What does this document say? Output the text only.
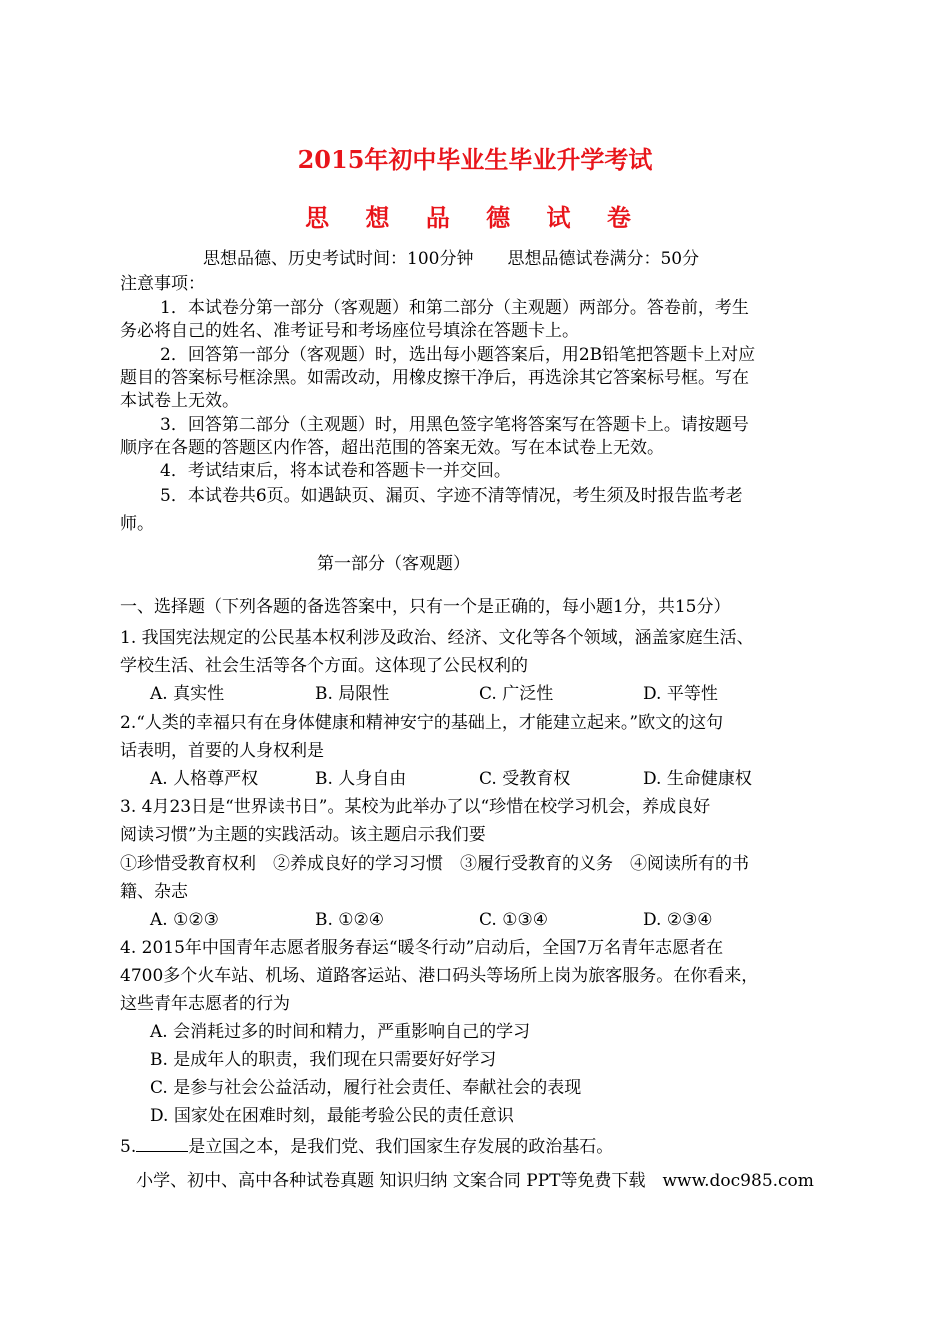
2015年初中毕业生毕业升学考试
思 想 品 德 试 卷
思想品德、历史考试时间：100分钟　　思想品德试卷满分：50分
注意事项：
1．本试卷分第一部分（客观题）和第二部分（主观题）两部分。答卷前，考生
务必将自己的姓名、准考证号和考场座位号填涂在答题卡上。
2．回答第一部分（客观题）时，选出每小题答案后，用2B铅笔把答题卡上对应
题目的答案标号框涂黑。如需改动，用橡皮擦干净后，再选涂其它答案标号框。写在
本试卷上无效。
3．回答第二部分（主观题）时，用黑色签字笔将答案写在答题卡上。请按题号
顺序在各题的答题区内作答，超出范围的答案无效。写在本试卷上无效。
4．考试结束后，将本试卷和答题卡一并交回。
5．本试卷共6页。如遇缺页、漏页、字迹不清等情况，考生须及时报告监考老
师。
第一部分（客观题）
一、选择题（下列各题的备选答案中，只有一个是正确的，每小题1分，共15分）
1. 我国宪法规定的公民基本权利涉及政治、经济、文化等各个领域，涵盖家庭生活、
学校生活、社会生活等各个方面。这体现了公民权利的
A. 真实性	B. 局限性	C. 广泛性	D. 平等性
2.“人类的幸福只有在身体健康和精神安宁的基础上，才能建立起来。”欧文的这句
话表明，首要的人身权利是
A. 人格尊严权	B. 人身自由	C. 受教育权	D. 生命健康权
3. 4月23日是“世界读书日”。某校为此举办了以“珍惜在校学习机会，养成良好
阅读习惯”为主题的实践活动。该主题启示我们要
①珍惜受教育权利　②养成良好的学习习惯　③履行受教育的义务　④阅读所有的书
籍、杂志
A. ①②③	B. ①②④	C. ①③④	D. ②③④
4. 2015年中国青年志愿者服务春运“暖冬行动”启动后，全国7万名青年志愿者在
4700多个火车站、机场、道路客运站、港口码头等场所上岗为旅客服务。在你看来，
这些青年志愿者的行为
A. 会消耗过多的时间和精力，严重影响自己的学习
B. 是成年人的职责，我们现在只需要好好学习
C. 是参与社会公益活动，履行社会责任、奉献社会的表现
D. 国家处在困难时刻，最能考验公民的责任意识
5.	是立国之本，是我们党、我们国家生存发展的政治基石。
小学、初中、高中各种试卷真题 知识归纳 文案合同 PPT等免费下载　www.doc985.com
